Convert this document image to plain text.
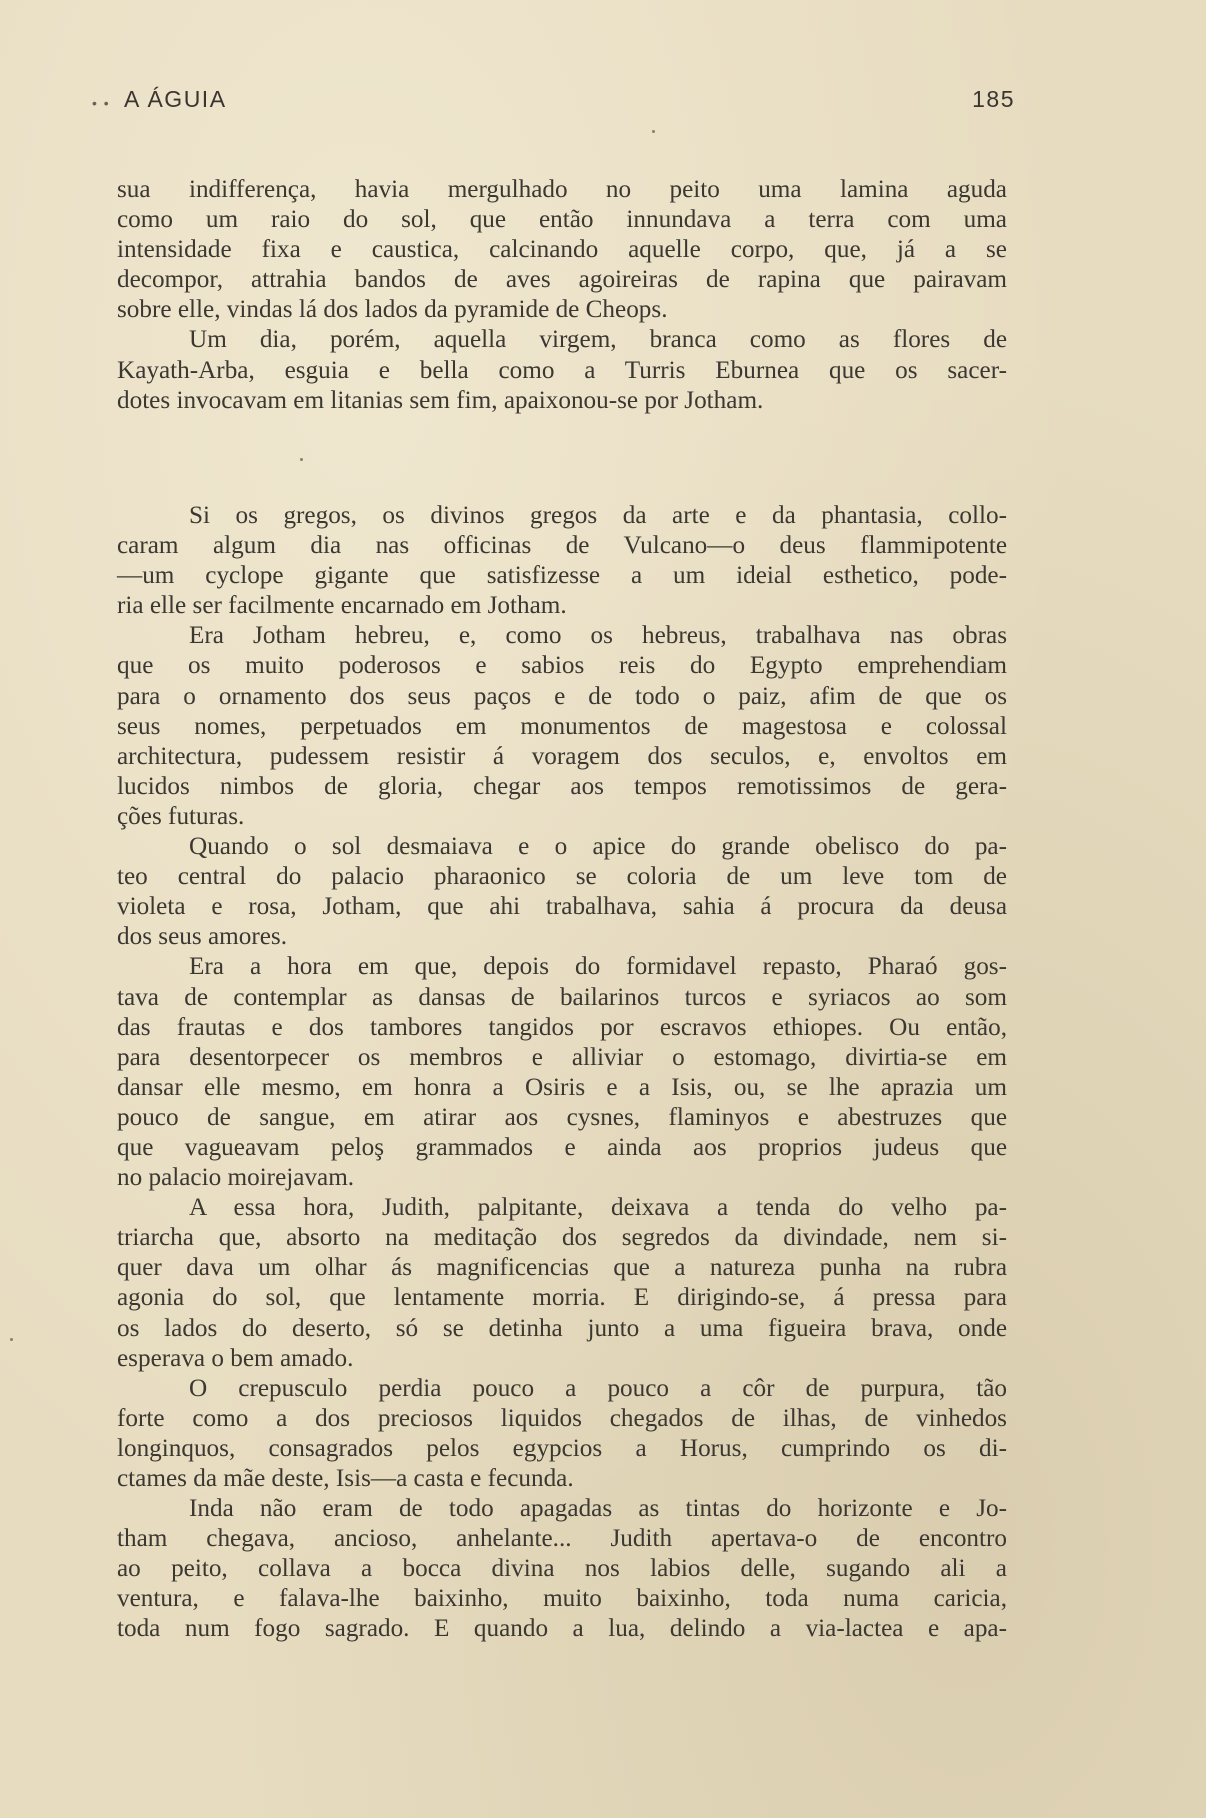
• • A ÁGUIA	185

sua indifferença, havia mergulhado no peito uma lamina aguda

como um raio do sol, que então innundava a terra com uma

intensidade fixa e caustica, calcinando aquelle corpo, que, já a se

decompor, attrahia bandos de aves agoireiras de rapina que pairavam

sobre elle, vindas lá dos lados da pyramide de Cheops.

Um dia, porém, aquella virgem, branca como as flores de

Kayath-Arba, esguia e bella como a Turris Eburnea que os sacer-

dotes invocavam em litanias sem fim, apaixonou-se por Jotham.

Si os gregos, os divinos gregos da arte e da phantasia, collo-

caram algum dia nas officinas de Vulcano—o deus flammipotente

—um cyclope gigante que satisfizesse a um ideial esthetico, pode-

ria elle ser facilmente encarnado em Jotham.

Era Jotham hebreu, e, como os hebreus, trabalhava nas obras

que os muito poderosos e sabios reis do Egypto emprehendiam

para o ornamento dos seus paços e de todo o paiz, afim de que os

seus nomes, perpetuados em monumentos de magestosa e colossal

architectura, pudessem resistir á voragem dos seculos, e, envoltos em

lucidos nimbos de gloria, chegar aos tempos remotissimos de gera-

ções futuras.

Quando o sol desmaiava e o apice do grande obelisco do pa-

teo central do palacio pharaonico se coloria de um leve tom de

violeta e rosa, Jotham, que ahi trabalhava, sahia á procura da deusa

dos seus amores.

Era a hora em que, depois do formidavel repasto, Pharaó gos-

tava de contemplar as dansas de bailarinos turcos e syriacos ao som

das frautas e dos tambores tangidos por escravos ethiopes. Ou então,

para desentorpecer os membros e alliviar o estomago, divirtia-se em

dansar elle mesmo, em honra a Osiris e a Isis, ou, se lhe aprazia um

pouco de sangue, em atirar aos cysnes, flaminyos e abestruzes que

que vagueavam peloş grammados e ainda aos proprios judeus que

no palacio moirejavam.

A essa hora, Judith, palpitante, deixava a tenda do velho pa-

triarcha que, absorto na meditação dos segredos da divindade, nem si-

quer dava um olhar ás magnificencias que a natureza punha na rubra

agonia do sol, que lentamente morria. E dirigindo-se, á pressa para

os lados do deserto, só se detinha junto a uma figueira brava, onde

esperava o bem amado.

O crepusculo perdia pouco a pouco a côr de purpura, tão

forte como a dos preciosos liquidos chegados de ilhas, de vinhedos

longinquos, consagrados pelos egypcios a Horus, cumprindo os di-

ctames da mãe deste, Isis—a casta e fecunda.

Inda não eram de todo apagadas as tintas do horizonte e Jo-

tham chegava, ancioso, anhelante... Judith apertava-o de encontro

ao peito, collava a bocca divina nos labios delle, sugando ali a

ventura, e falava-lhe baixinho, muito baixinho, toda numa caricia,

toda num fogo sagrado. E quando a lua, delindo a via-lactea e apa-
